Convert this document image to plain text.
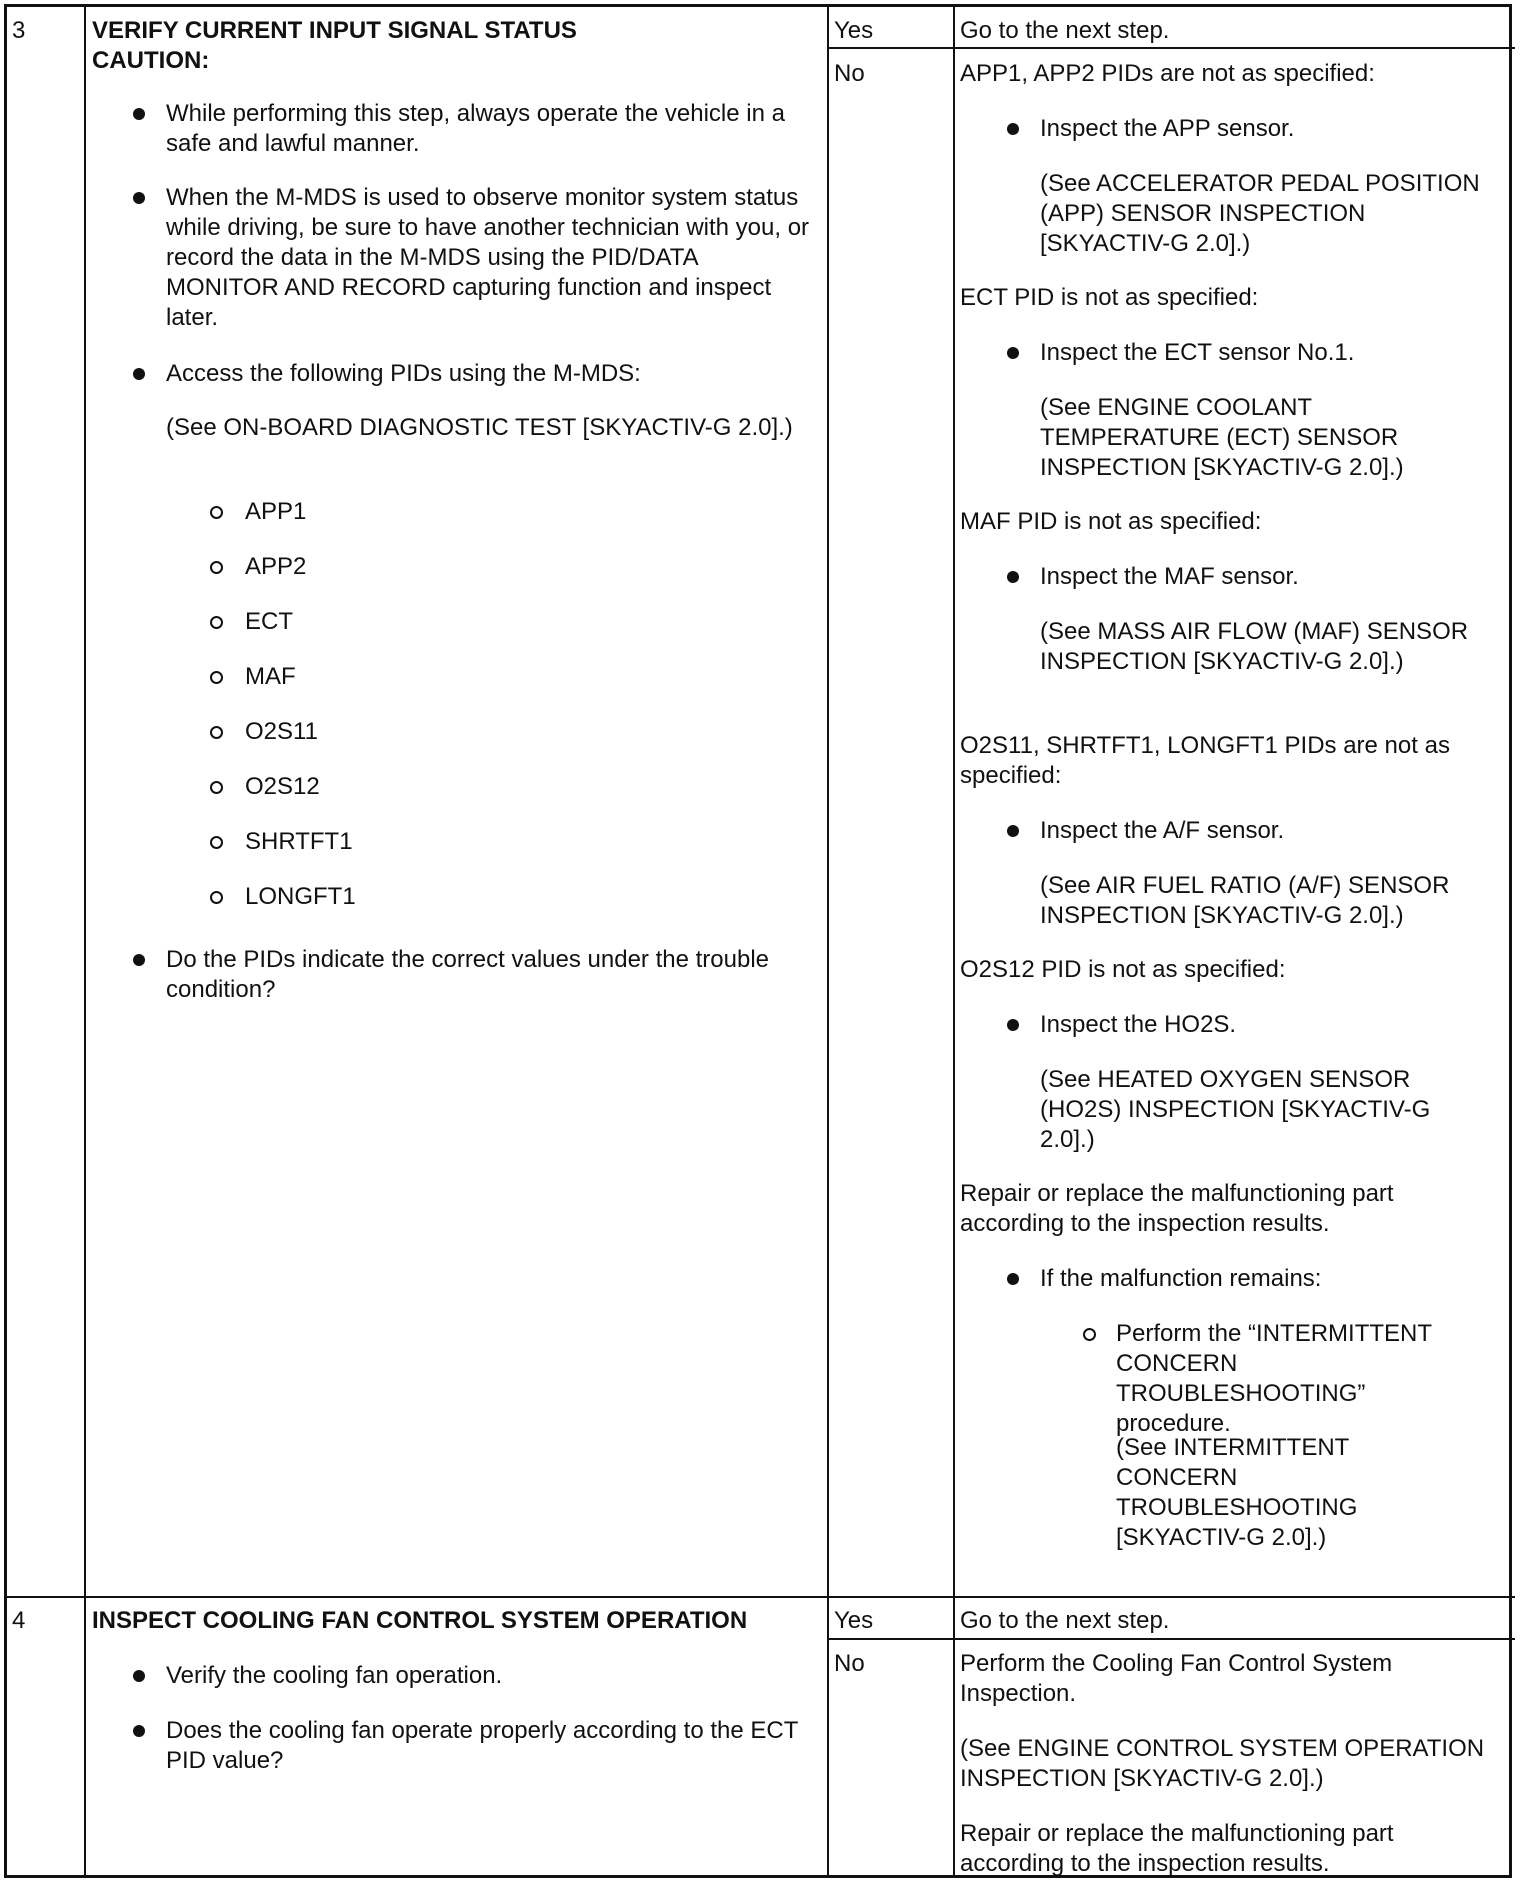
3	VERIFY CURRENT INPUT SIGNAL STATUS
CAUTION:
While performing this step, always operate the vehicle in a safe and lawful manner.
When the M-MDS is used to observe monitor system status while driving, be sure to have another technician with you, or record the data in the M-MDS using the PID/DATA MONITOR AND RECORD capturing function and inspect later.
Access the following PIDs using the M-MDS:
(See ON-BOARD DIAGNOSTIC TEST [SKYACTIV-G 2.0].)
APP1
APP2
ECT
MAF
O2S11
O2S12
SHRTFT1
LONGFT1
Do the PIDs indicate the correct values under the trouble condition?
Yes	Go to the next step.
No	APP1, APP2 PIDs are not as specified:
Inspect the APP sensor.
(See ACCELERATOR PEDAL POSITION (APP) SENSOR INSPECTION [SKYACTIV-G 2.0].)
ECT PID is not as specified:
Inspect the ECT sensor No.1.
(See ENGINE COOLANT TEMPERATURE (ECT) SENSOR INSPECTION [SKYACTIV-G 2.0].)
MAF PID is not as specified:
Inspect the MAF sensor.
(See MASS AIR FLOW (MAF) SENSOR INSPECTION [SKYACTIV-G 2.0].)
O2S11, SHRTFT1, LONGFT1 PIDs are not as specified:
Inspect the A/F sensor.
(See AIR FUEL RATIO (A/F) SENSOR INSPECTION [SKYACTIV-G 2.0].)
O2S12 PID is not as specified:
Inspect the HO2S.
(See HEATED OXYGEN SENSOR (HO2S) INSPECTION [SKYACTIV-G 2.0].)
Repair or replace the malfunctioning part according to the inspection results.
If the malfunction remains:
Perform the “INTERMITTENT CONCERN TROUBLESHOOTING” procedure.
(See INTERMITTENT CONCERN TROUBLESHOOTING [SKYACTIV-G 2.0].)
4	INSPECT COOLING FAN CONTROL SYSTEM OPERATION
Verify the cooling fan operation.
Does the cooling fan operate properly according to the ECT PID value?
Yes	Go to the next step.
No	Perform the Cooling Fan Control System Inspection.
(See ENGINE CONTROL SYSTEM OPERATION INSPECTION [SKYACTIV-G 2.0].)
Repair or replace the malfunctioning part according to the inspection results.
